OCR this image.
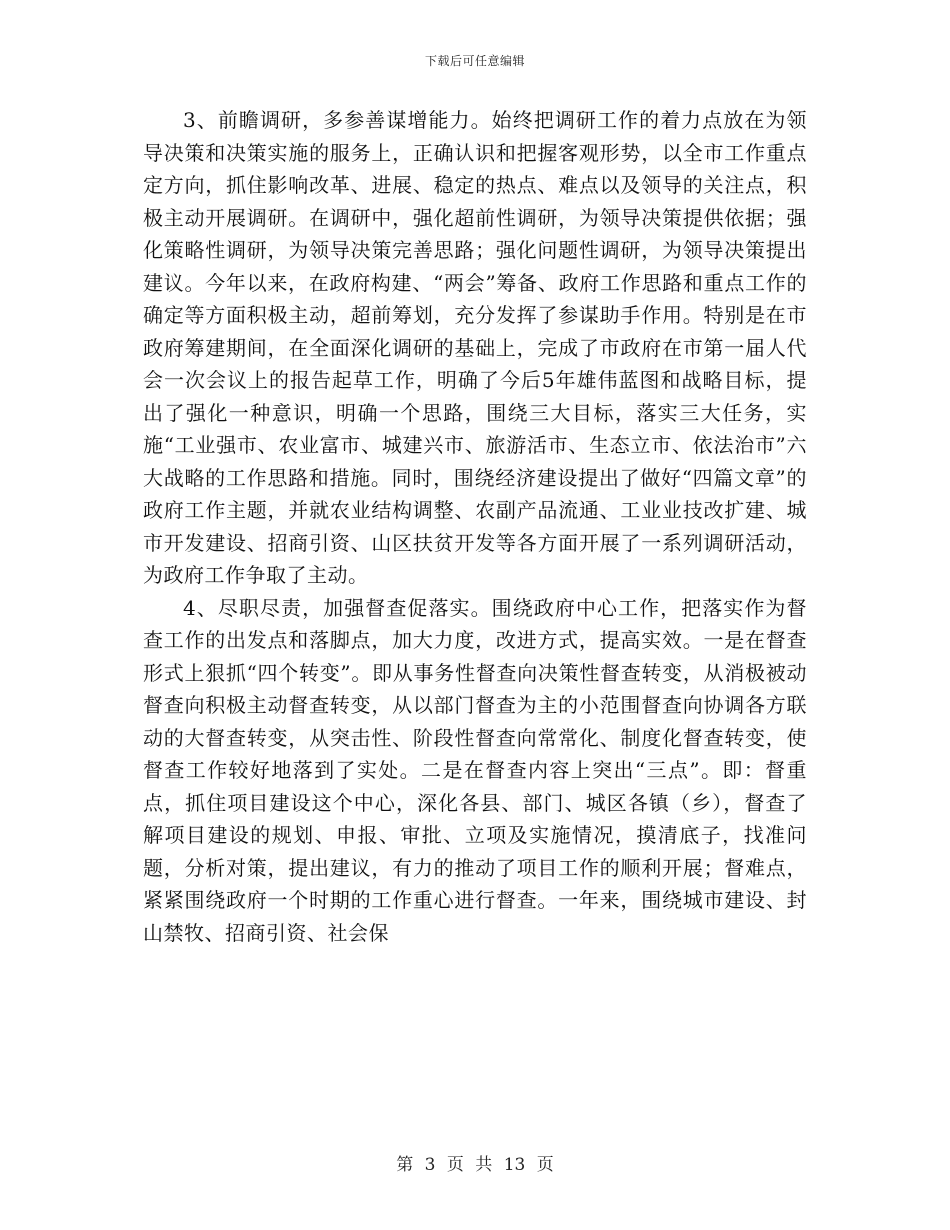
下载后可任意编辑

3、前瞻调研，多参善谋增能力。始终把调研工作的着力点放在为领导决策和决策实施的服务上，正确认识和把握客观形势，以全市工作重点定方向，抓住影响改革、进展、稳定的热点、难点以及领导的关注点，积极主动开展调研。在调研中，强化超前性调研，为领导决策提供依据；强化策略性调研，为领导决策完善思路；强化问题性调研，为领导决策提出建议。今年以来，在政府构建、“两会”筹备、政府工作思路和重点工作的确定等方面积极主动，超前筹划，充分发挥了参谋助手作用。特别是在市政府筹建期间，在全面深化调研的基础上，完成了市政府在市第一届人代会一次会议上的报告起草工作，明确了今后5年雄伟蓝图和战略目标，提出了强化一种意识，明确一个思路，围绕三大目标，落实三大任务，实施“工业强市、农业富市、城建兴市、旅游活市、生态立市、依法治市”六大战略的工作思路和措施。同时，围绕经济建设提出了做好“四篇文章”的政府工作主题，并就农业结构调整、农副产品流通、工业业技改扩建、城市开发建设、招商引资、山区扶贫开发等各方面开展了一系列调研活动，为政府工作争取了主动。

4、尽职尽责，加强督查促落实。围绕政府中心工作，把落实作为督查工作的出发点和落脚点，加大力度，改进方式，提高实效。一是在督查形式上狠抓“四个转变”。即从事务性督查向决策性督查转变，从消极被动督查向积极主动督查转变，从以部门督查为主的小范围督查向协调各方联动的大督查转变，从突击性、阶段性督查向常常化、制度化督查转变，使督查工作较好地落到了实处。二是在督查内容上突出“三点”。即：督重点，抓住项目建设这个中心，深化各县、部门、城区各镇（乡），督查了解项目建设的规划、申报、审批、立项及实施情况，摸清底子，找准问题，分析对策，提出建议，有力的推动了项目工作的顺利开展；督难点，紧紧围绕政府一个时期的工作重心进行督查。一年来，围绕城市建设、封山禁牧、招商引资、社会保

第 3 页 共 13 页
